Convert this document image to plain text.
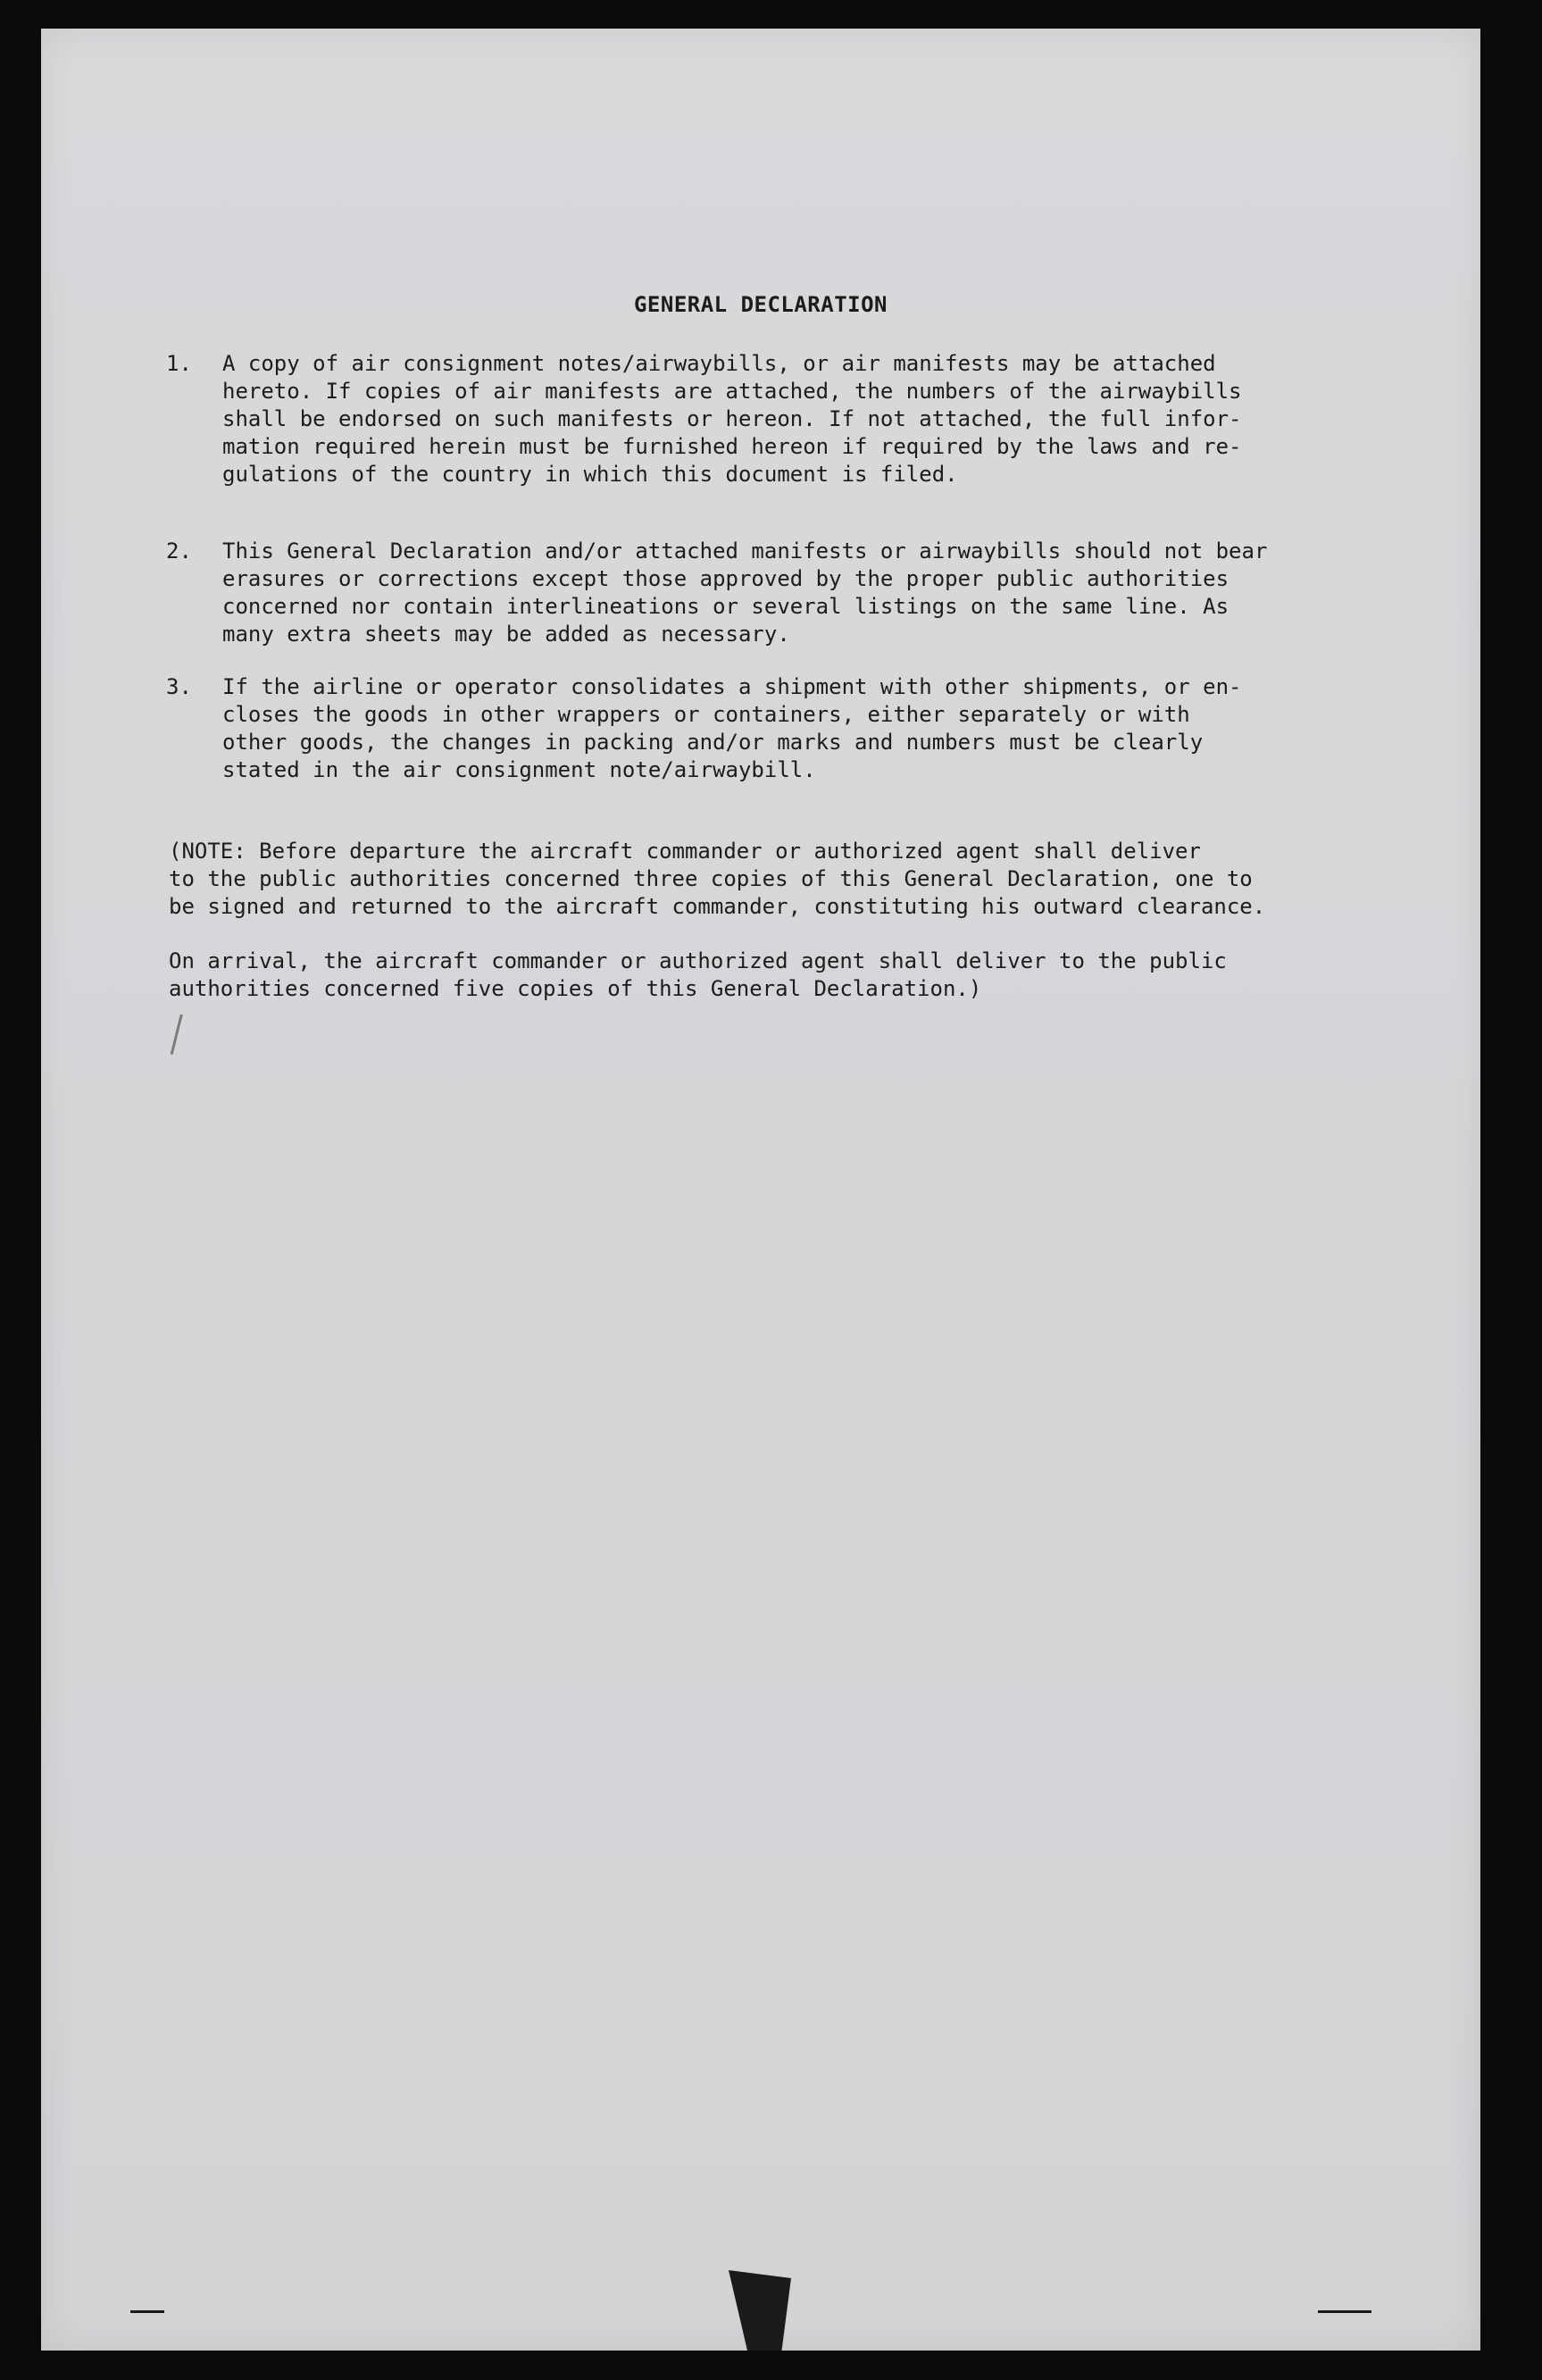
GENERAL DECLARATION
1. A copy of air consignment notes/airwaybills, or air manifests may be attached
hereto. If copies of air manifests are attached, the numbers of the airwaybills
shall be endorsed on such manifests or hereon. If not attached, the full infor-
mation required herein must be furnished hereon if required by the laws and re-
gulations of the country in which this document is filed.
2. This General Declaration and/or attached manifests or airwaybills should not bear
erasures or corrections except those approved by the proper public authorities
concerned nor contain interlineations or several listings on the same line. As
many extra sheets may be added as necessary.
3. If the airline or operator consolidates a shipment with other shipments, or en-
closes the goods in other wrappers or containers, either separately or with
other goods, the changes in packing and/or marks and numbers must be clearly
stated in the air consignment note/airwaybill.
(NOTE: Before departure the aircraft commander or authorized agent shall deliver
to the public authorities concerned three copies of this General Declaration, one to
be signed and returned to the aircraft commander, constituting his outward clearance.
On arrival, the aircraft commander or authorized agent shall deliver to the public
authorities concerned five copies of this General Declaration.)
